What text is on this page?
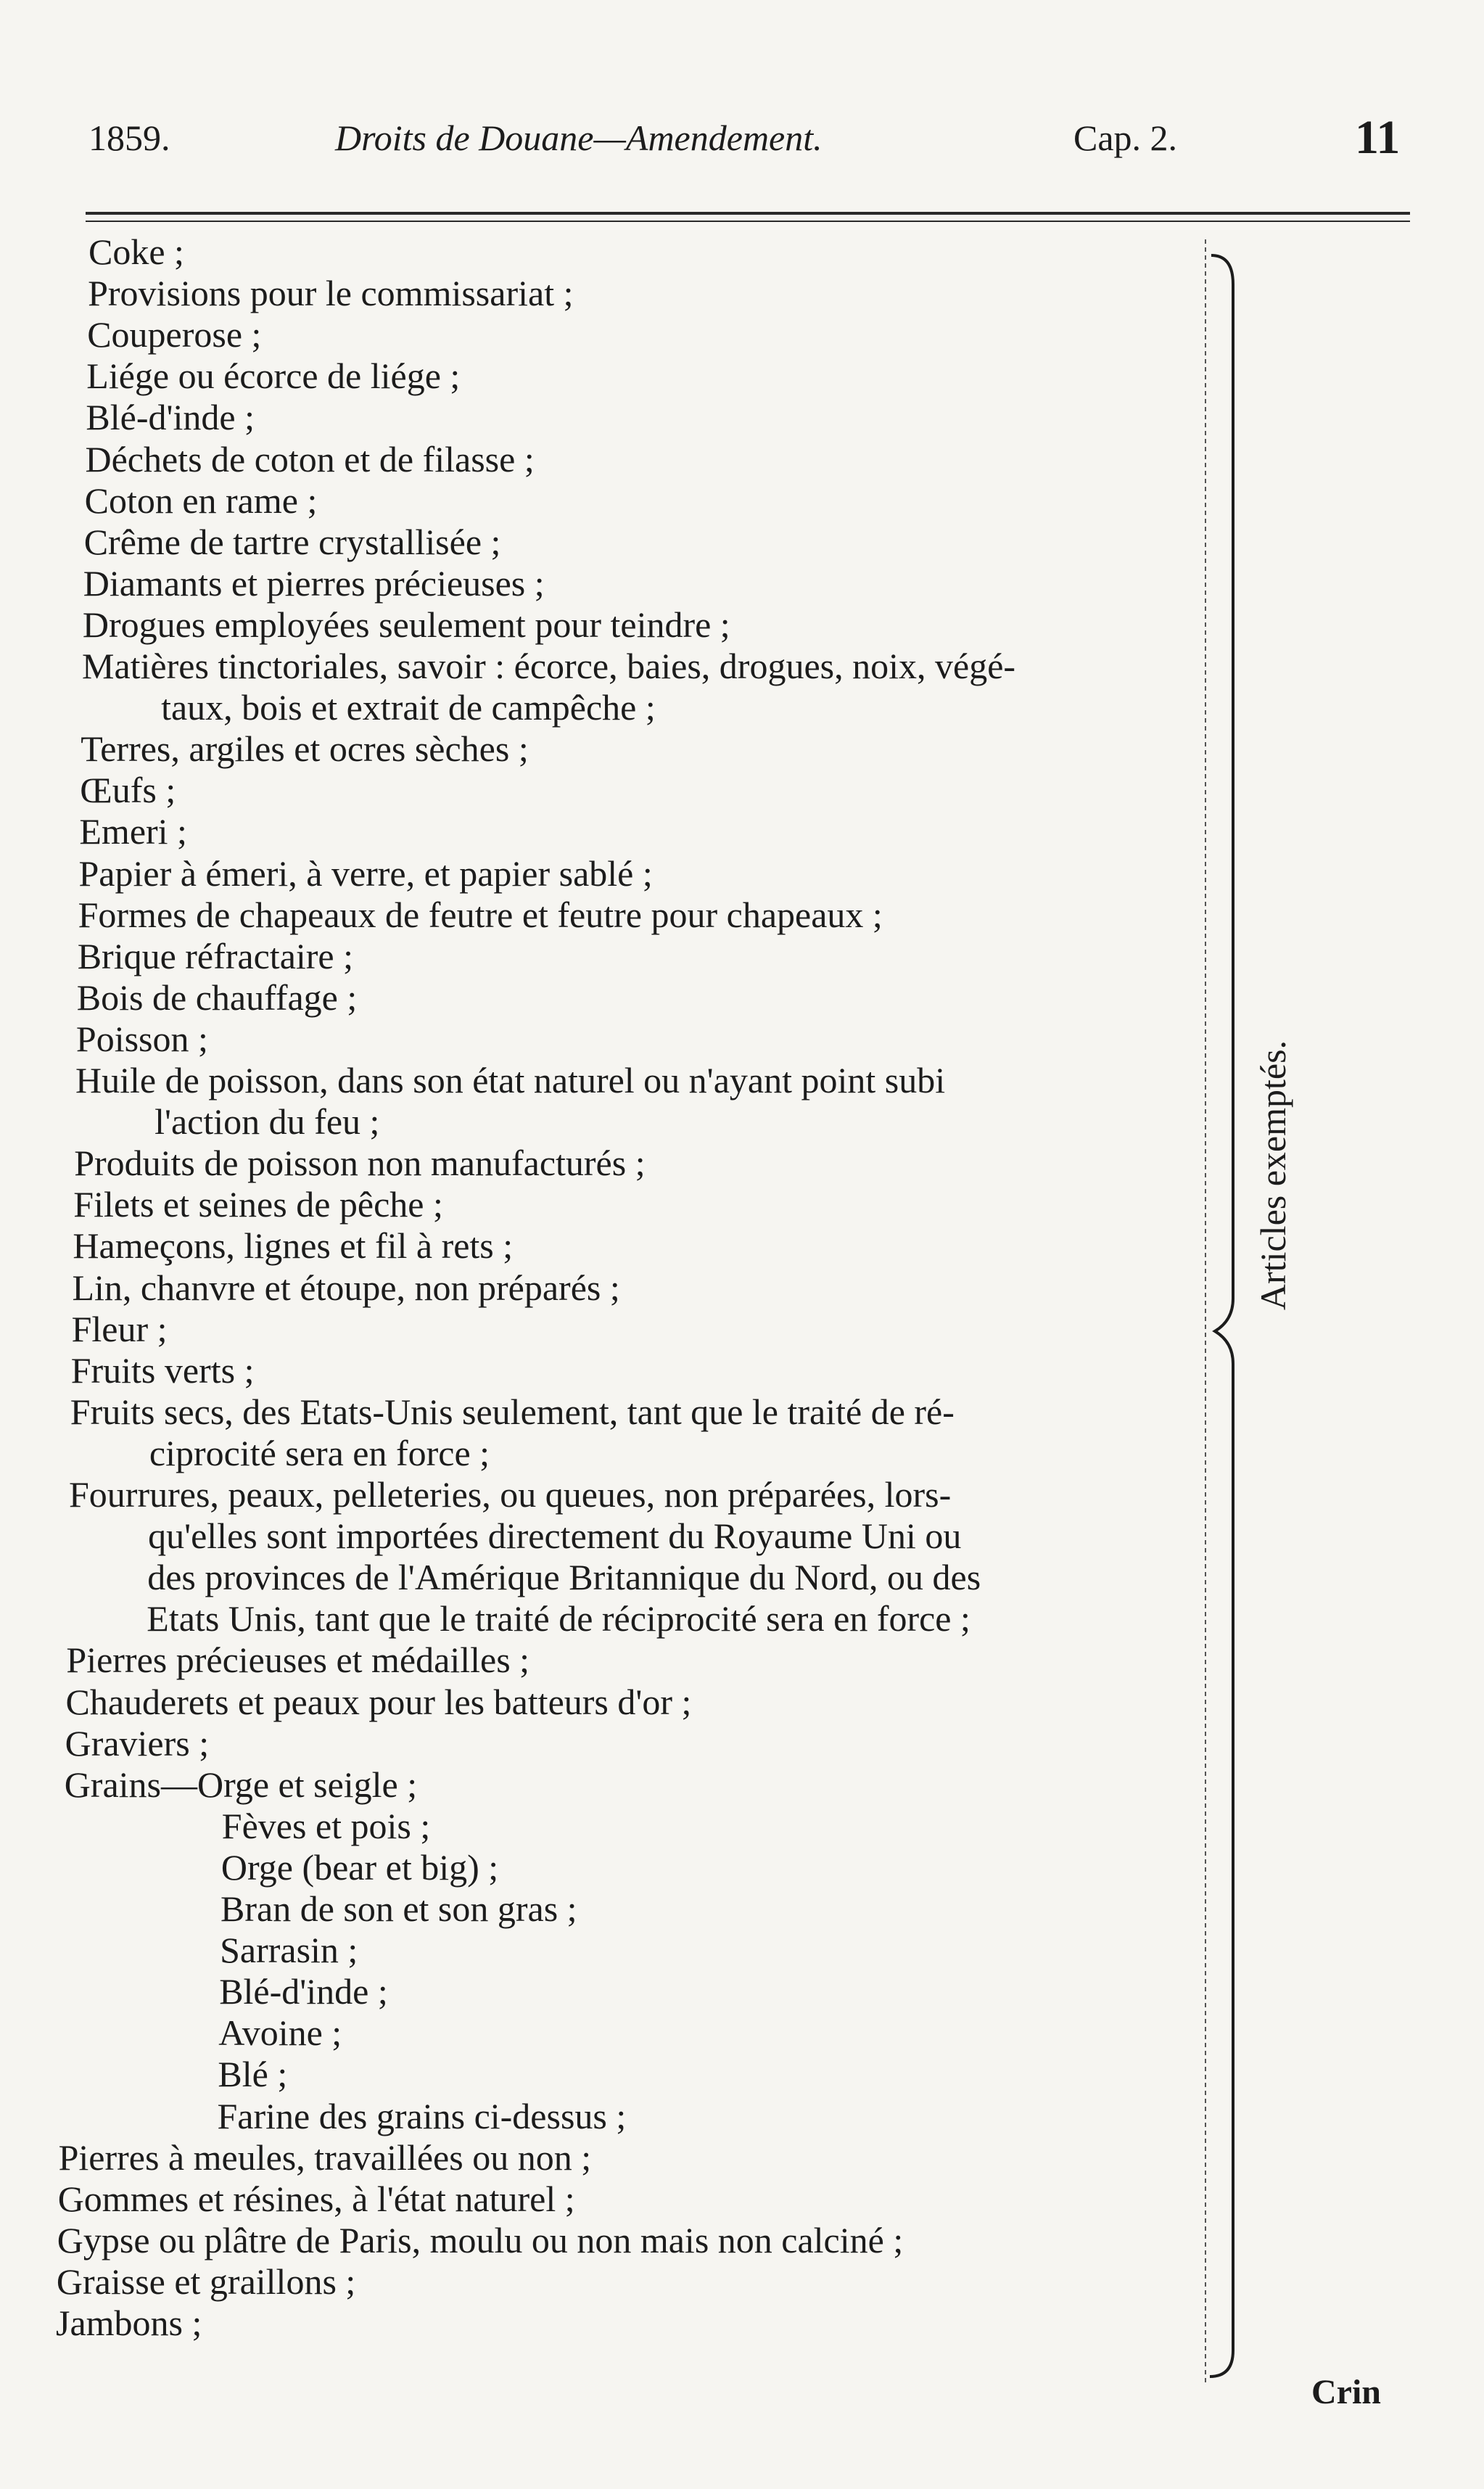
1859.	Droits de Douane—Amendement.	Cap. 2.	11
Coke ;
Provisions pour le commissariat ;
Couperose ;
Liége ou écorce de liége ;
Blé-d'inde ;
Déchets de coton et de filasse ;
Coton en rame ;
Crême de tartre crystallisée ;
Diamants et pierres précieuses ;
Drogues employées seulement pour teindre ;
Matières tinctoriales, savoir : écorce, baies, drogues, noix, végé-
taux, bois et extrait de campêche ;
Terres, argiles et ocres sèches ;
Œufs ;
Emeri ;
Papier à émeri, à verre, et papier sablé ;
Formes de chapeaux de feutre et feutre pour chapeaux ;
Brique réfractaire ;
Bois de chauffage ;
Poisson ;
Huile de poisson, dans son état naturel ou n'ayant point subi
l'action du feu ;
Produits de poisson non manufacturés ;
Filets et seines de pêche ;
Hameçons, lignes et fil à rets ;
Lin, chanvre et étoupe, non préparés ;
Fleur ;
Fruits verts ;
Fruits secs, des Etats-Unis seulement, tant que le traité de ré-
ciprocité sera en force ;
Fourrures, peaux, pelleteries, ou queues, non préparées, lors-
qu'elles sont importées directement du Royaume Uni ou
des provinces de l'Amérique Britannique du Nord, ou des
Etats Unis, tant que le traité de réciprocité sera en force ;
Pierres précieuses et médailles ;
Chauderets et peaux pour les batteurs d'or ;
Graviers ;
Grains—Orge et seigle ;
Fèves et pois ;
Orge (bear et big) ;
Bran de son et son gras ;
Sarrasin ;
Blé-d'inde ;
Avoine ;
Blé ;
Farine des grains ci-dessus ;
Pierres à meules, travaillées ou non ;
Gommes et résines, à l'état naturel ;
Gypse ou plâtre de Paris, moulu ou non mais non calciné ;
Graisse et graillons ;
Jambons ;
Articles exemptés.
Crin
